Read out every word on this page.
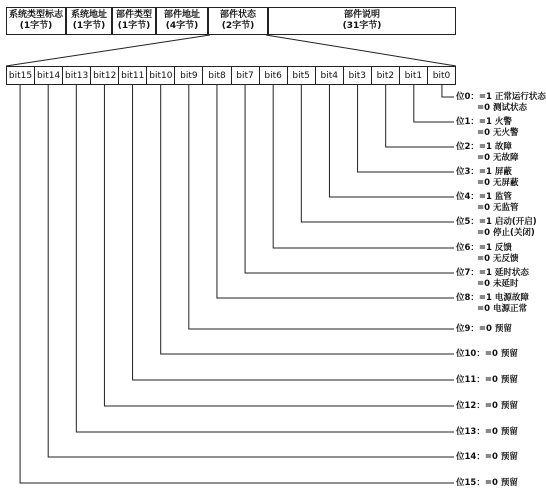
系统类型标志
(1字节)
系统地址
(1字节)
部件类型
(1字节)
部件地址
(4字节)
部件状态
(2字节)
部件说明
(31字节)
bit15 bit14 bit13 bit12 bit11 bit10 bit9	bit8	bit7	bit6	bit5	bit4	bit3	bit2	bit1	bit0
位0：=1 正常运行状态
=0 测试状态
位1：=1 火警
=0 无火警
位2：=1 故障
=0 无故障
位3：=1 屏蔽
=0 无屏蔽
位4：=1 监管
=0 无监管
位5：=1 启动(开启)
=0 停止(关闭)
位6：=1 反馈
=0 无反馈
位7：=1 延时状态
=0 未延时
位8：=1 电源故障
=0 电源正常
位9：=0 预留
位10：=0 预留
位11：=0 预留
位12：=0 预留
位13：=0 预留
位14：=0 预留
位15：=0 预留
